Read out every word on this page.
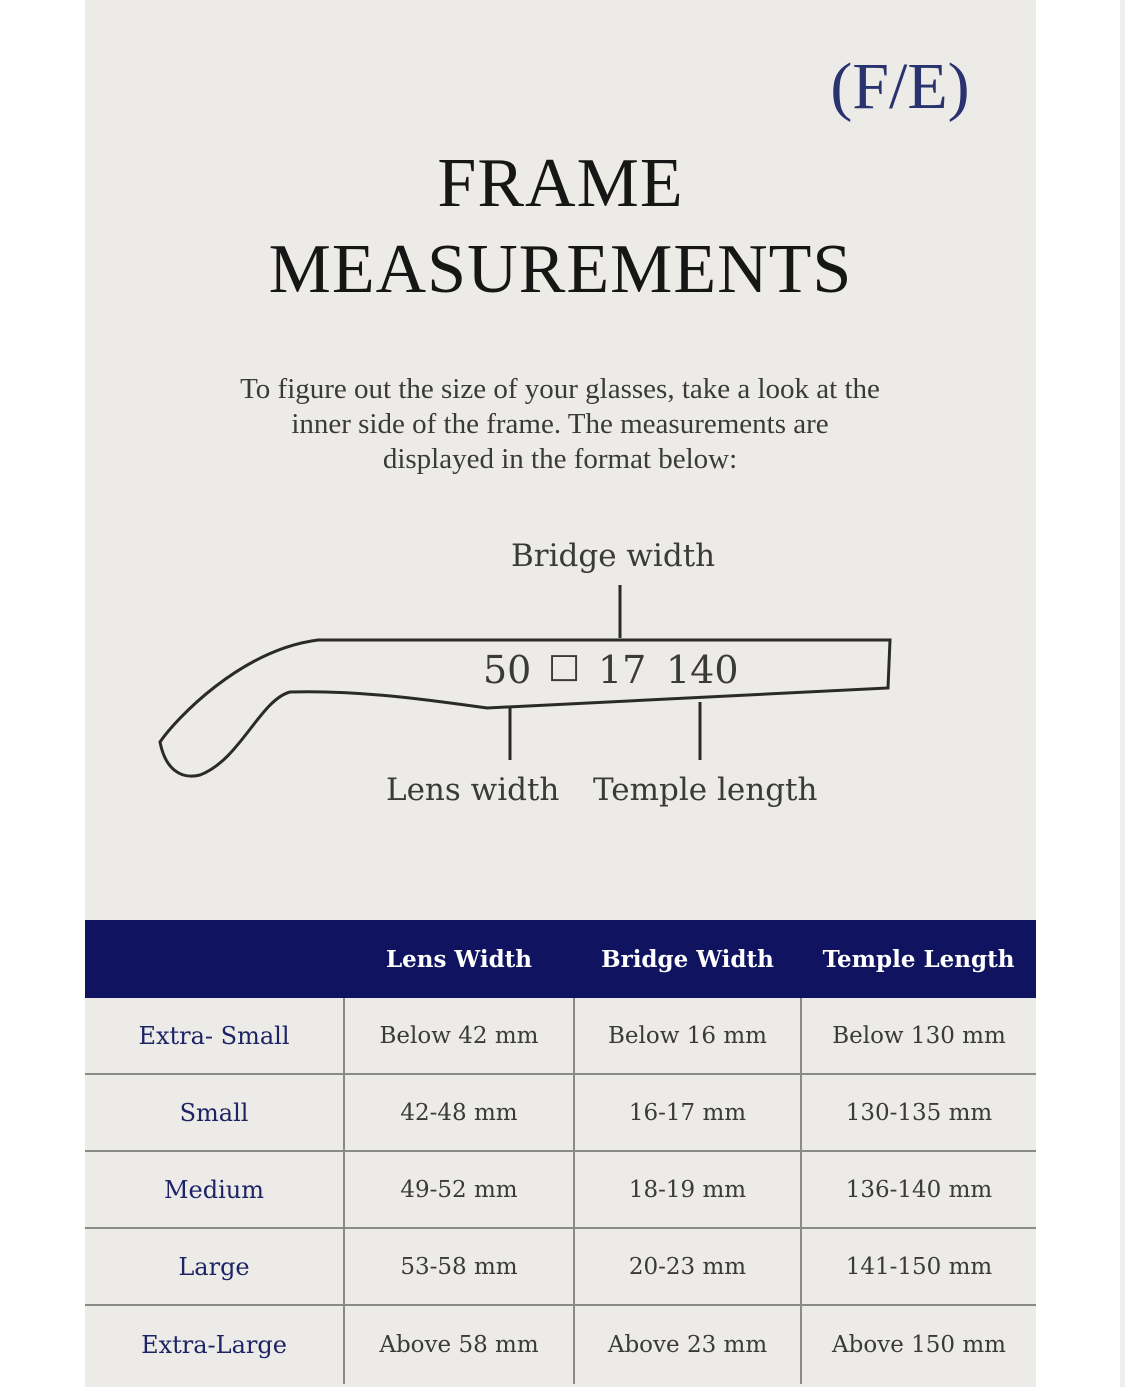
(F/E)
FRAME
MEASUREMENTS

To figure out the size of your glasses, take a look at the
inner side of the frame. The measurements are
displayed in the format below:

Bridge width
50 □ 17 140
Lens width Temple length
	Lens Width	Bridge Width	Temple Length
Extra- Small	Below 42 mm	Below 16 mm	Below 130 mm
Small	42-48 mm	16-17 mm	130-135 mm
Medium	49-52 mm	18-19 mm	136-140 mm
Large	53-58 mm	20-23 mm	141-150 mm
Extra-Large	Above 58 mm	Above 23 mm	Above 150 mm
